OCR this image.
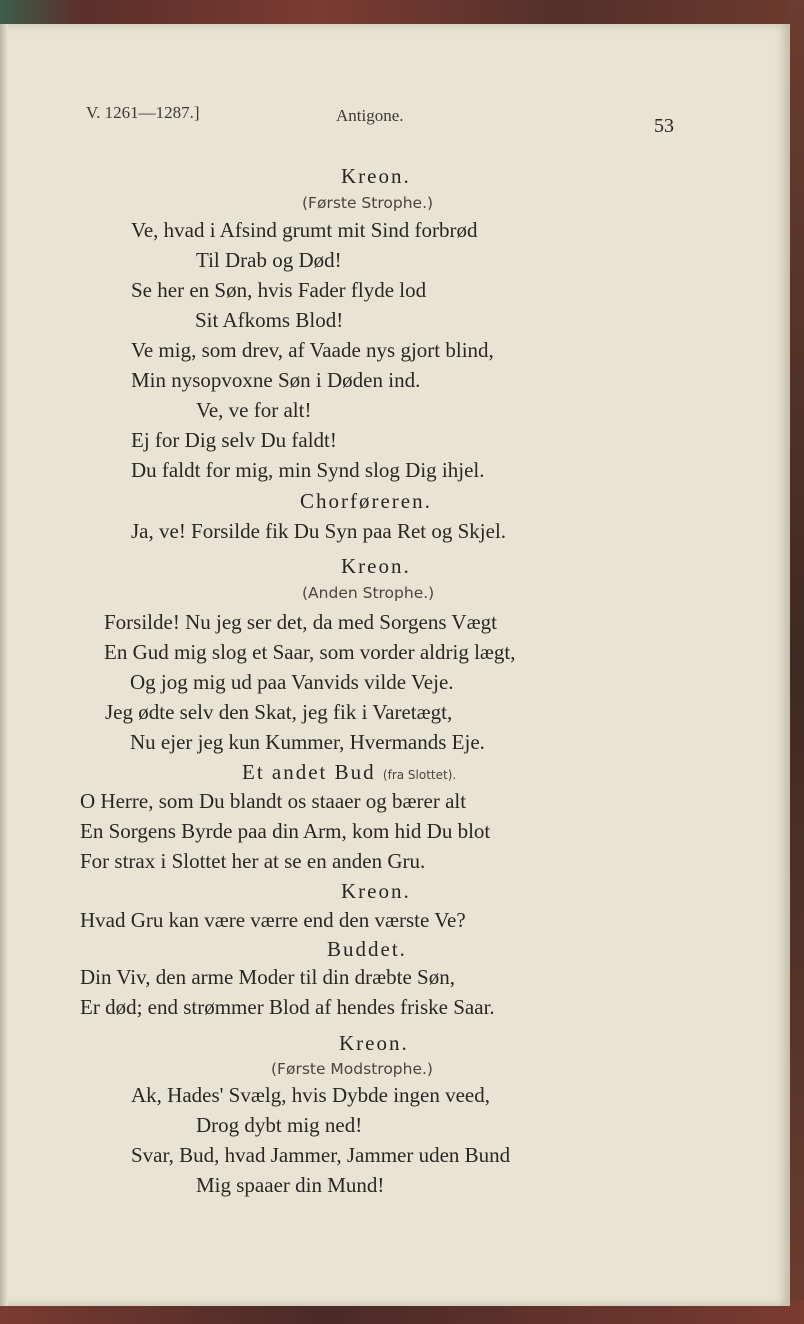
V. 1261—1287.]	Antigone.	53
Kreon.
(Første Strophe.)
Ve, hvad i Afsind grumt mit Sind forbrød
Til Drab og Død!
Se her en Søn, hvis Fader flyde lod
Sit Afkoms Blod!
Ve mig, som drev, af Vaade nys gjort blind,
Min nysopvoxne Søn i Døden ind.
Ve, ve for alt!
Ej for Dig selv Du faldt!
Du faldt for mig, min Synd slog Dig ihjel.
Chorføreren.
Ja, ve! Forsilde fik Du Syn paa Ret og Skjel.
Kreon.
(Anden Strophe.)
Forsilde! Nu jeg ser det, da med Sorgens Vægt
En Gud mig slog et Saar, som vorder aldrig lægt,
Og jog mig ud paa Vanvids vilde Veje.
Jeg ødte selv den Skat, jeg fik i Varetægt,
Nu ejer jeg kun Kummer, Hvermands Eje.
Et andet Bud (fra Slottet).
O Herre, som Du blandt os staaer og bærer alt
En Sorgens Byrde paa din Arm, kom hid Du blot
For strax i Slottet her at se en anden Gru.
Kreon.
Hvad Gru kan være værre end den værste Ve?
Buddet.
Din Viv, den arme Moder til din dræbte Søn,
Er død; end strømmer Blod af hendes friske Saar.
Kreon.
(Første Modstrophe.)
Ak, Hades' Svælg, hvis Dybde ingen veed,
Drog dybt mig ned!
Svar, Bud, hvad Jammer, Jammer uden Bund
Mig spaaer din Mund!
